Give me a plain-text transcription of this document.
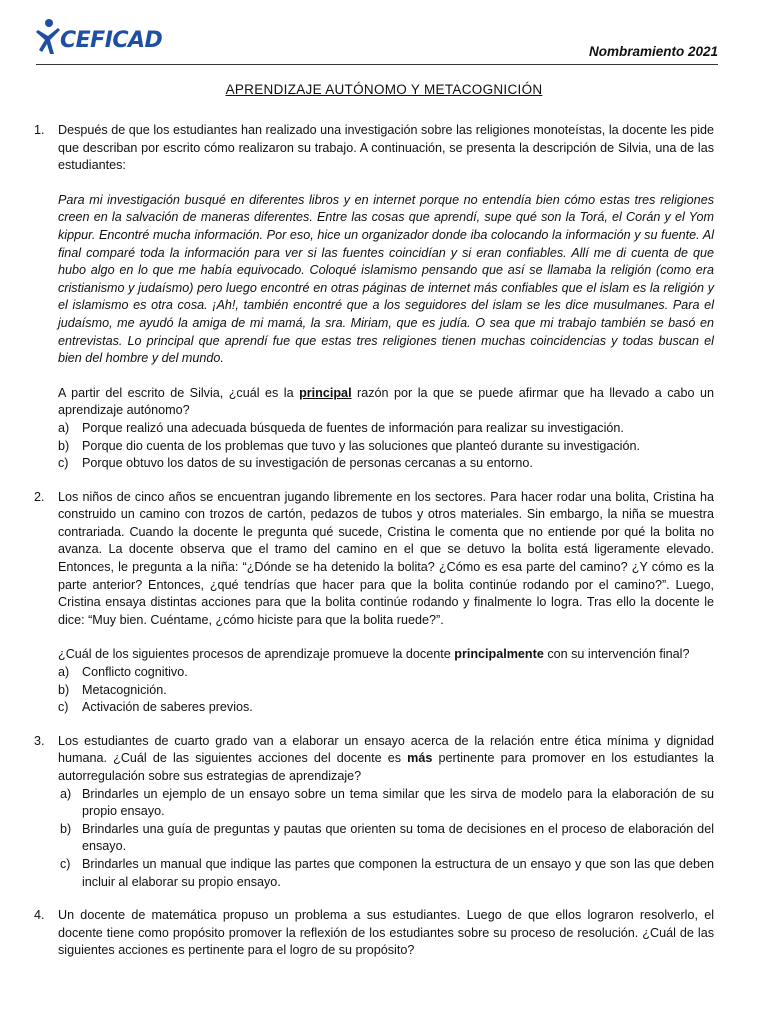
CEFICAD	Nombramiento 2021
APRENDIZAJE AUTÓNOMO Y METACOGNICIÓN
1.	Después de que los estudiantes han realizado una investigación sobre las religiones monoteístas, la docente les pide que describan por escrito cómo realizaron su trabajo. A continuación, se presenta la descripción de Silvia, una de las estudiantes:

Para mi investigación busqué en diferentes libros y en internet porque no entendía bien cómo estas tres religiones creen en la salvación de maneras diferentes. Entre las cosas que aprendí, supe qué son la Torá, el Corán y el Yom kippur. Encontré mucha información. Por eso, hice un organizador donde iba colocando la información y su fuente. Al final comparé toda la información para ver si las fuentes coincidían y si eran confiables. Allí me di cuenta de que hubo algo en lo que me había equivocado. Coloqué islamismo pensando que así se llamaba la religión (como era cristianismo y judaísmo) pero luego encontré en otras páginas de internet más confiables que el islam es la religión y el islamismo es otra cosa. ¡Ah!, también encontré que a los seguidores del islam se les dice musulmanes. Para el judaísmo, me ayudó la amiga de mi mamá, la sra. Miriam, que es judía. O sea que mi trabajo también se basó en entrevistas. Lo principal que aprendí fue que estas tres religiones tienen muchas coincidencias y todas buscan el bien del hombre y del mundo.

A partir del escrito de Silvia, ¿cuál es la principal razón por la que se puede afirmar que ha llevado a cabo un aprendizaje autónomo?

a)	Porque realizó una adecuada búsqueda de fuentes de información para realizar su investigación.
b)	Porque dio cuenta de los problemas que tuvo y las soluciones que planteó durante su investigación.
c)	Porque obtuvo los datos de su investigación de personas cercanas a su entorno.
2.	Los niños de cinco años se encuentran jugando libremente en los sectores. Para hacer rodar una bolita, Cristina ha construido un camino con trozos de cartón, pedazos de tubos y otros materiales. Sin embargo, la niña se muestra contrariada. Cuando la docente le pregunta qué sucede, Cristina le comenta que no entiende por qué la bolita no avanza. La docente observa que el tramo del camino en el que se detuvo la bolita está ligeramente elevado. Entonces, le pregunta a la niña: “¿Dónde se ha detenido la bolita? ¿Cómo es esa parte del camino? ¿Y cómo es la parte anterior? Entonces, ¿qué tendrías que hacer para que la bolita continúe rodando por el camino?”. Luego, Cristina ensaya distintas acciones para que la bolita continúe rodando y finalmente lo logra. Tras ello la docente le dice: “Muy bien. Cuéntame, ¿cómo hiciste para que la bolita ruede?”.

¿Cuál de los siguientes procesos de aprendizaje promueve la docente principalmente con su intervención final?

a)	Conflicto cognitivo.
b)	Metacognición.
c)	Activación de saberes previos.
3.	Los estudiantes de cuarto grado van a elaborar un ensayo acerca de la relación entre ética mínima y dignidad humana. ¿Cuál de las siguientes acciones del docente es más pertinente para promover en los estudiantes la autorregulación sobre sus estrategias de aprendizaje?

a) Brindarles un ejemplo de un ensayo sobre un tema similar que les sirva de modelo para la elaboración de su propio ensayo.
b) Brindarles una guía de preguntas y pautas que orienten su toma de decisiones en el proceso de elaboración del ensayo.
c) Brindarles un manual que indique las partes que componen la estructura de un ensayo y que son las que deben incluir al elaborar su propio ensayo.
4.	Un docente de matemática propuso un problema a sus estudiantes. Luego de que ellos lograron resolverlo, el docente tiene como propósito promover la reflexión de los estudiantes sobre su proceso de resolución. ¿Cuál de las siguientes acciones es pertinente para el logro de su propósito?
